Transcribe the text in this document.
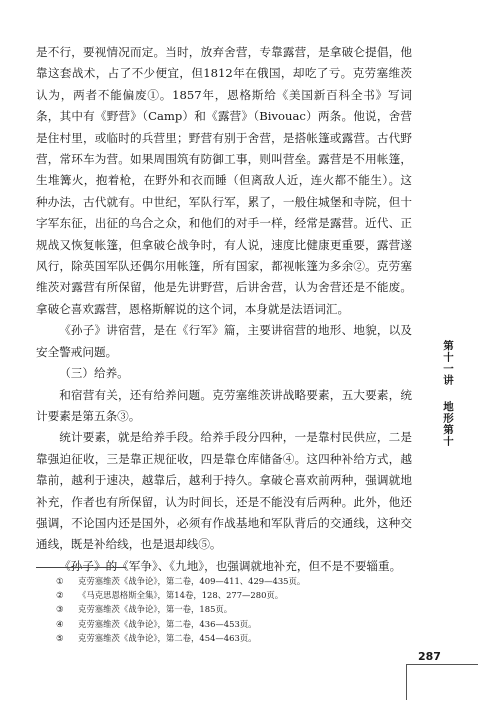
是不行，要视情况而定。当时，放弃舍营，专靠露营，是拿破仑提倡，他靠这套战术，占了不少便宜，但1812年在俄国，却吃了亏。克劳塞维茨认为，两者不能偏废①。1857年，恩格斯给《美国新百科全书》写词条，其中有《野营》（Camp）和《露营》（Bivouac）两条。他说，舍营是住村里，或临时的兵营里；野营有别于舍营，是搭帐篷或露营。古代野营，常环车为营。如果周围筑有防御工事，则叫营垒。露营是不用帐篷，生堆篝火，抱着枪，在野外和衣而睡（但离敌人近，连火都不能生）。这种办法，古代就有。中世纪，军队行军，累了，一般住城堡和寺院，但十字军东征，出征的乌合之众，和他们的对手一样，经常是露营。近代、正规战又恢复帐篷，但拿破仑战争时，有人说，速度比健康更重要，露营遂风行，除英国军队还偶尔用帐篷，所有国家，都视帐篷为多余②。克劳塞维茨对露营有所保留，他是先讲野营，后讲舍营，认为舍营还是不能废。拿破仑喜欢露营，恩格斯解说的这个词，本身就是法语词汇。

《孙子》讲宿营，是在《行军》篇，主要讲宿营的地形、地貌，以及安全警戒问题。

（三）给养。

和宿营有关，还有给养问题。克劳塞维茨讲战略要素，五大要素，统计要素是第五条③。

统计要素，就是给养手段。给养手段分四种，一是靠村民供应，二是靠强迫征收，三是靠正规征收，四是靠仓库储备④。这四种补给方式，越靠前，越利于速决，越靠后，越利于持久。拿破仑喜欢前两种，强调就地补充，作者也有所保留，认为时间长，还是不能没有后两种。此外，他还强调，不论国内还是国外，必须有作战基地和军队背后的交通线，这种交通线，既是补给线，也是退却线⑤。

《孙子》的《军争》、《九地》，也强调就地补充，但不是不要辎重。

第十一讲  地形第十
①	克劳塞维茨《战争论》，第二卷，409—411、429—435页。
②	《马克思恩格斯全集》，第14卷，128、277—280页。
③	克劳塞维茨《战争论》，第一卷，185页。
④	克劳塞维茨《战争论》，第二卷，436—453页。
⑤	克劳塞维茨《战争论》，第二卷，454—463页。
287
